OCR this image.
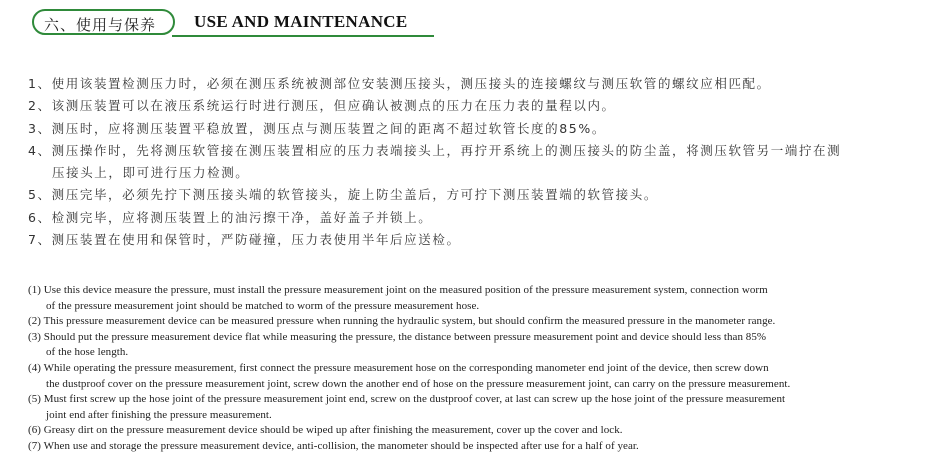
六、使用与保养 USE AND MAINTENANCE
1、使用该装置检测压力时，必须在测压系统被测部位安装测压接头，测压接头的连接螺纹与测压软管的螺纹应相匹配。
2、该测压装置可以在液压系统运行时进行测压，但应确认被测点的压力在压力表的量程以内。
3、测压时，应将测压装置平稳放置，测压点与测压装置之间的距离不超过软管长度的85%。
4、测压操作时，先将测压软管接在测压装置相应的压力表端接头上，再拧开系统上的测压接头的防尘盖，将测压软管另一端拧在测
压接头上，即可进行压力检测。
5、测压完毕，必须先拧下测压接头端的软管接头，旋上防尘盖后，方可拧下测压装置端的软管接头。
6、检测完毕，应将测压装置上的油污擦干净，盖好盖子并锁上。
7、测压装置在使用和保管时，严防碰撞，压力表使用半年后应送检。
(1) Use this device measure the pressure, must install the pressure measurement joint on the measured position of the pressure measurement system, connection worm
of the pressure measurement joint should be matched to worm of the pressure measurement hose.
(2) This pressure measurement device can be measured pressure when running the hydraulic system, but should confirm the measured pressure in the manometer range.
(3) Should put the pressure measurement device flat while measuring the pressure, the distance between pressure measurement point and device should less than 85%
of the hose length.
(4) While operating the pressure measurement, first connect the pressure measurement hose on the corresponding manometer end joint of the device, then screw down
the dustproof cover on the pressure measurement joint, screw down the another end of hose on the pressure measurement joint, can carry on the pressure measurement.
(5) Must first screw up the hose joint of the pressure measurement joint end, screw on the dustproof cover, at last can screw up the hose joint of the pressure measurement
joint end after finishing the pressure measurement.
(6) Greasy dirt on the pressure measurement device should be wiped up after finishing the measurement, cover up the cover and lock.
(7) When use and storage the pressure measurement device, anti-collision, the manometer should be inspected after use for a half of year.
